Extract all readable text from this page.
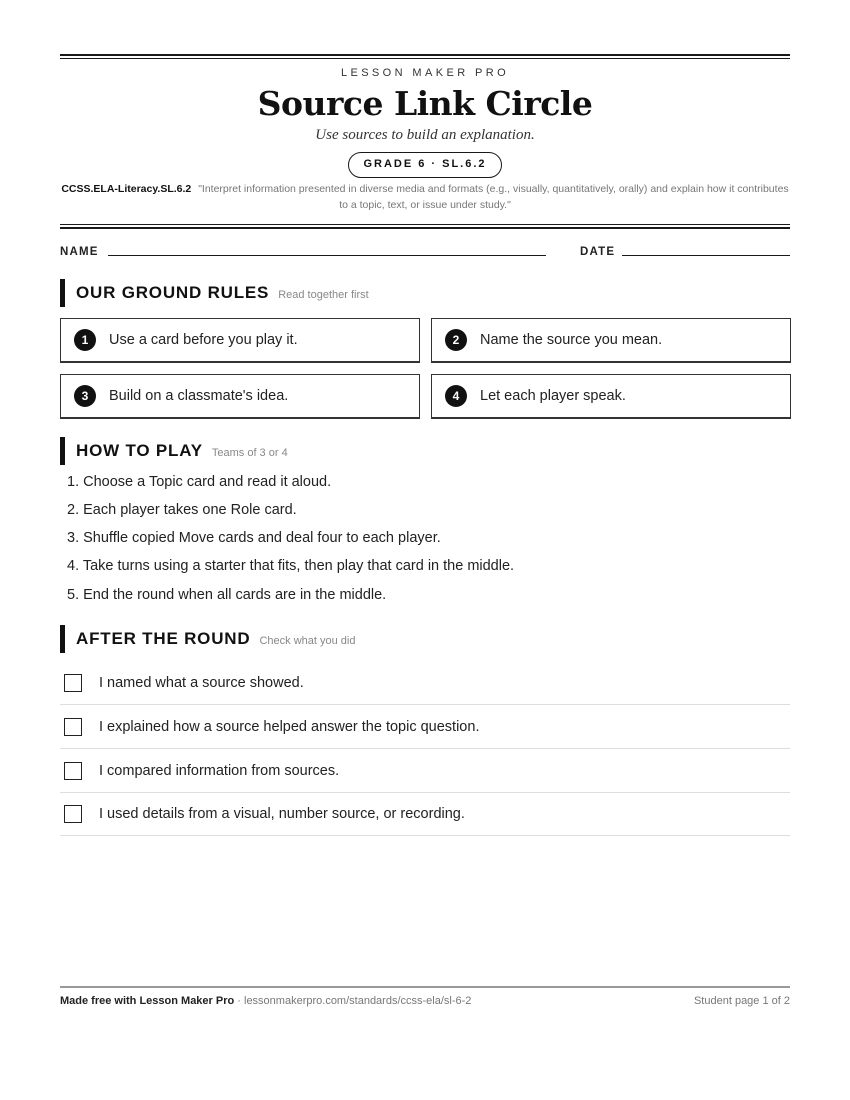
LESSON MAKER PRO
Source Link Circle
Use sources to build an explanation.
GRADE 6 · SL.6.2
CCSS.ELA-Literacy.SL.6.2 "Interpret information presented in diverse media and formats (e.g., visually, quantitatively, orally) and explain how it contributes to a topic, text, or issue under study."
NAME	DATE
OUR GROUND RULES Read together first
1	Use a card before you play it.	2	Name the source you mean.
3	Build on a classmate's idea.	4	Let each player speak.
HOW TO PLAY Teams of 3 or 4
1. Choose a Topic card and read it aloud.
2. Each player takes one Role card.
3. Shuffle copied Move cards and deal four to each player.
4. Take turns using a starter that fits, then play that card in the middle.
5. End the round when all cards are in the middle.
AFTER THE ROUND Check what you did
I named what a source showed.
I explained how a source helped answer the topic question.
I compared information from sources.
I used details from a visual, number source, or recording.
Made free with Lesson Maker Pro · lessonmakerpro.com/standards/ccss-ela/sl-6-2	Student page 1 of 2
